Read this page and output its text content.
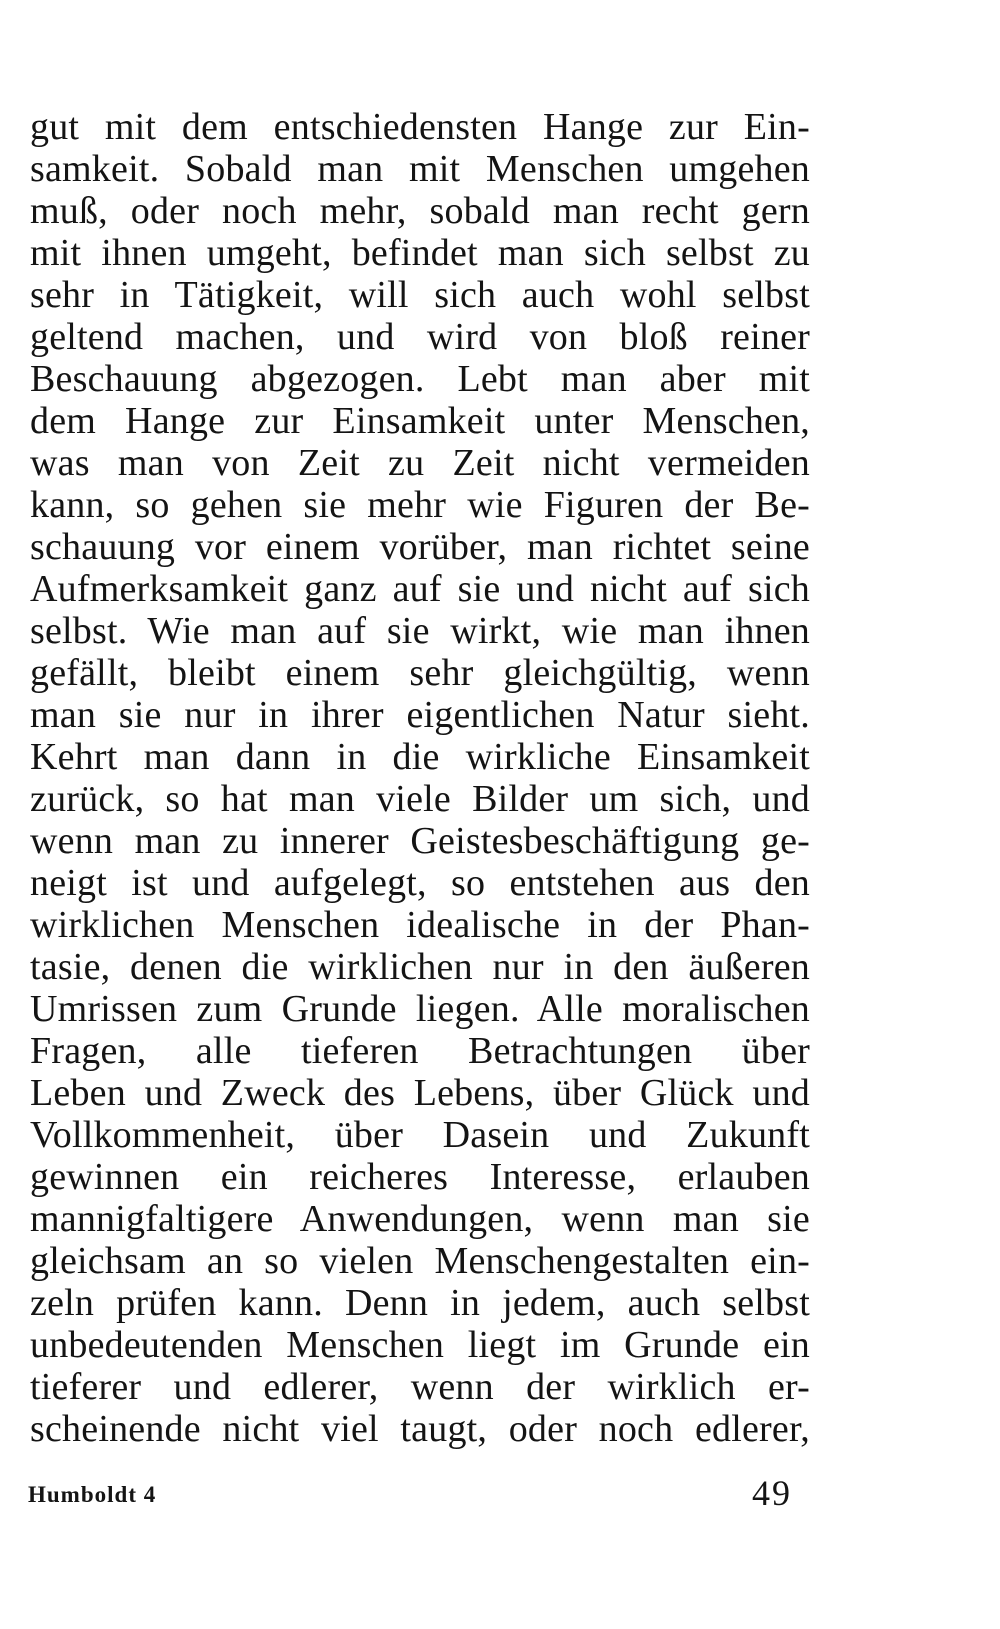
gut mit dem entschiedensten Hange zur Ein-
samkeit. Sobald man mit Menschen umgehen
muß, oder noch mehr, sobald man recht gern
mit ihnen umgeht, befindet man sich selbst zu
sehr in Tätigkeit, will sich auch wohl selbst
geltend machen, und wird von bloß reiner
Beschauung abgezogen. Lebt man aber mit
dem Hange zur Einsamkeit unter Menschen,
was man von Zeit zu Zeit nicht vermeiden
kann, so gehen sie mehr wie Figuren der Be-
schauung vor einem vorüber, man richtet seine
Aufmerksamkeit ganz auf sie und nicht auf sich
selbst. Wie man auf sie wirkt, wie man ihnen
gefällt, bleibt einem sehr gleichgültig, wenn
man sie nur in ihrer eigentlichen Natur sieht.
Kehrt man dann in die wirkliche Einsamkeit
zurück, so hat man viele Bilder um sich, und
wenn man zu innerer Geistesbeschäftigung ge-
neigt ist und aufgelegt, so entstehen aus den
wirklichen Menschen idealische in der Phan-
tasie, denen die wirklichen nur in den äußeren
Umrissen zum Grunde liegen. Alle moralischen
Fragen, alle tieferen Betrachtungen über
Leben und Zweck des Lebens, über Glück und
Vollkommenheit, über Dasein und Zukunft
gewinnen ein reicheres Interesse, erlauben
mannigfaltigere Anwendungen, wenn man sie
gleichsam an so vielen Menschengestalten ein-
zeln prüfen kann. Denn in jedem, auch selbst
unbedeutenden Menschen liegt im Grunde ein
tieferer und edlerer, wenn der wirklich er-
scheinende nicht viel taugt, oder noch edlerer,
Humboldt 4	49
